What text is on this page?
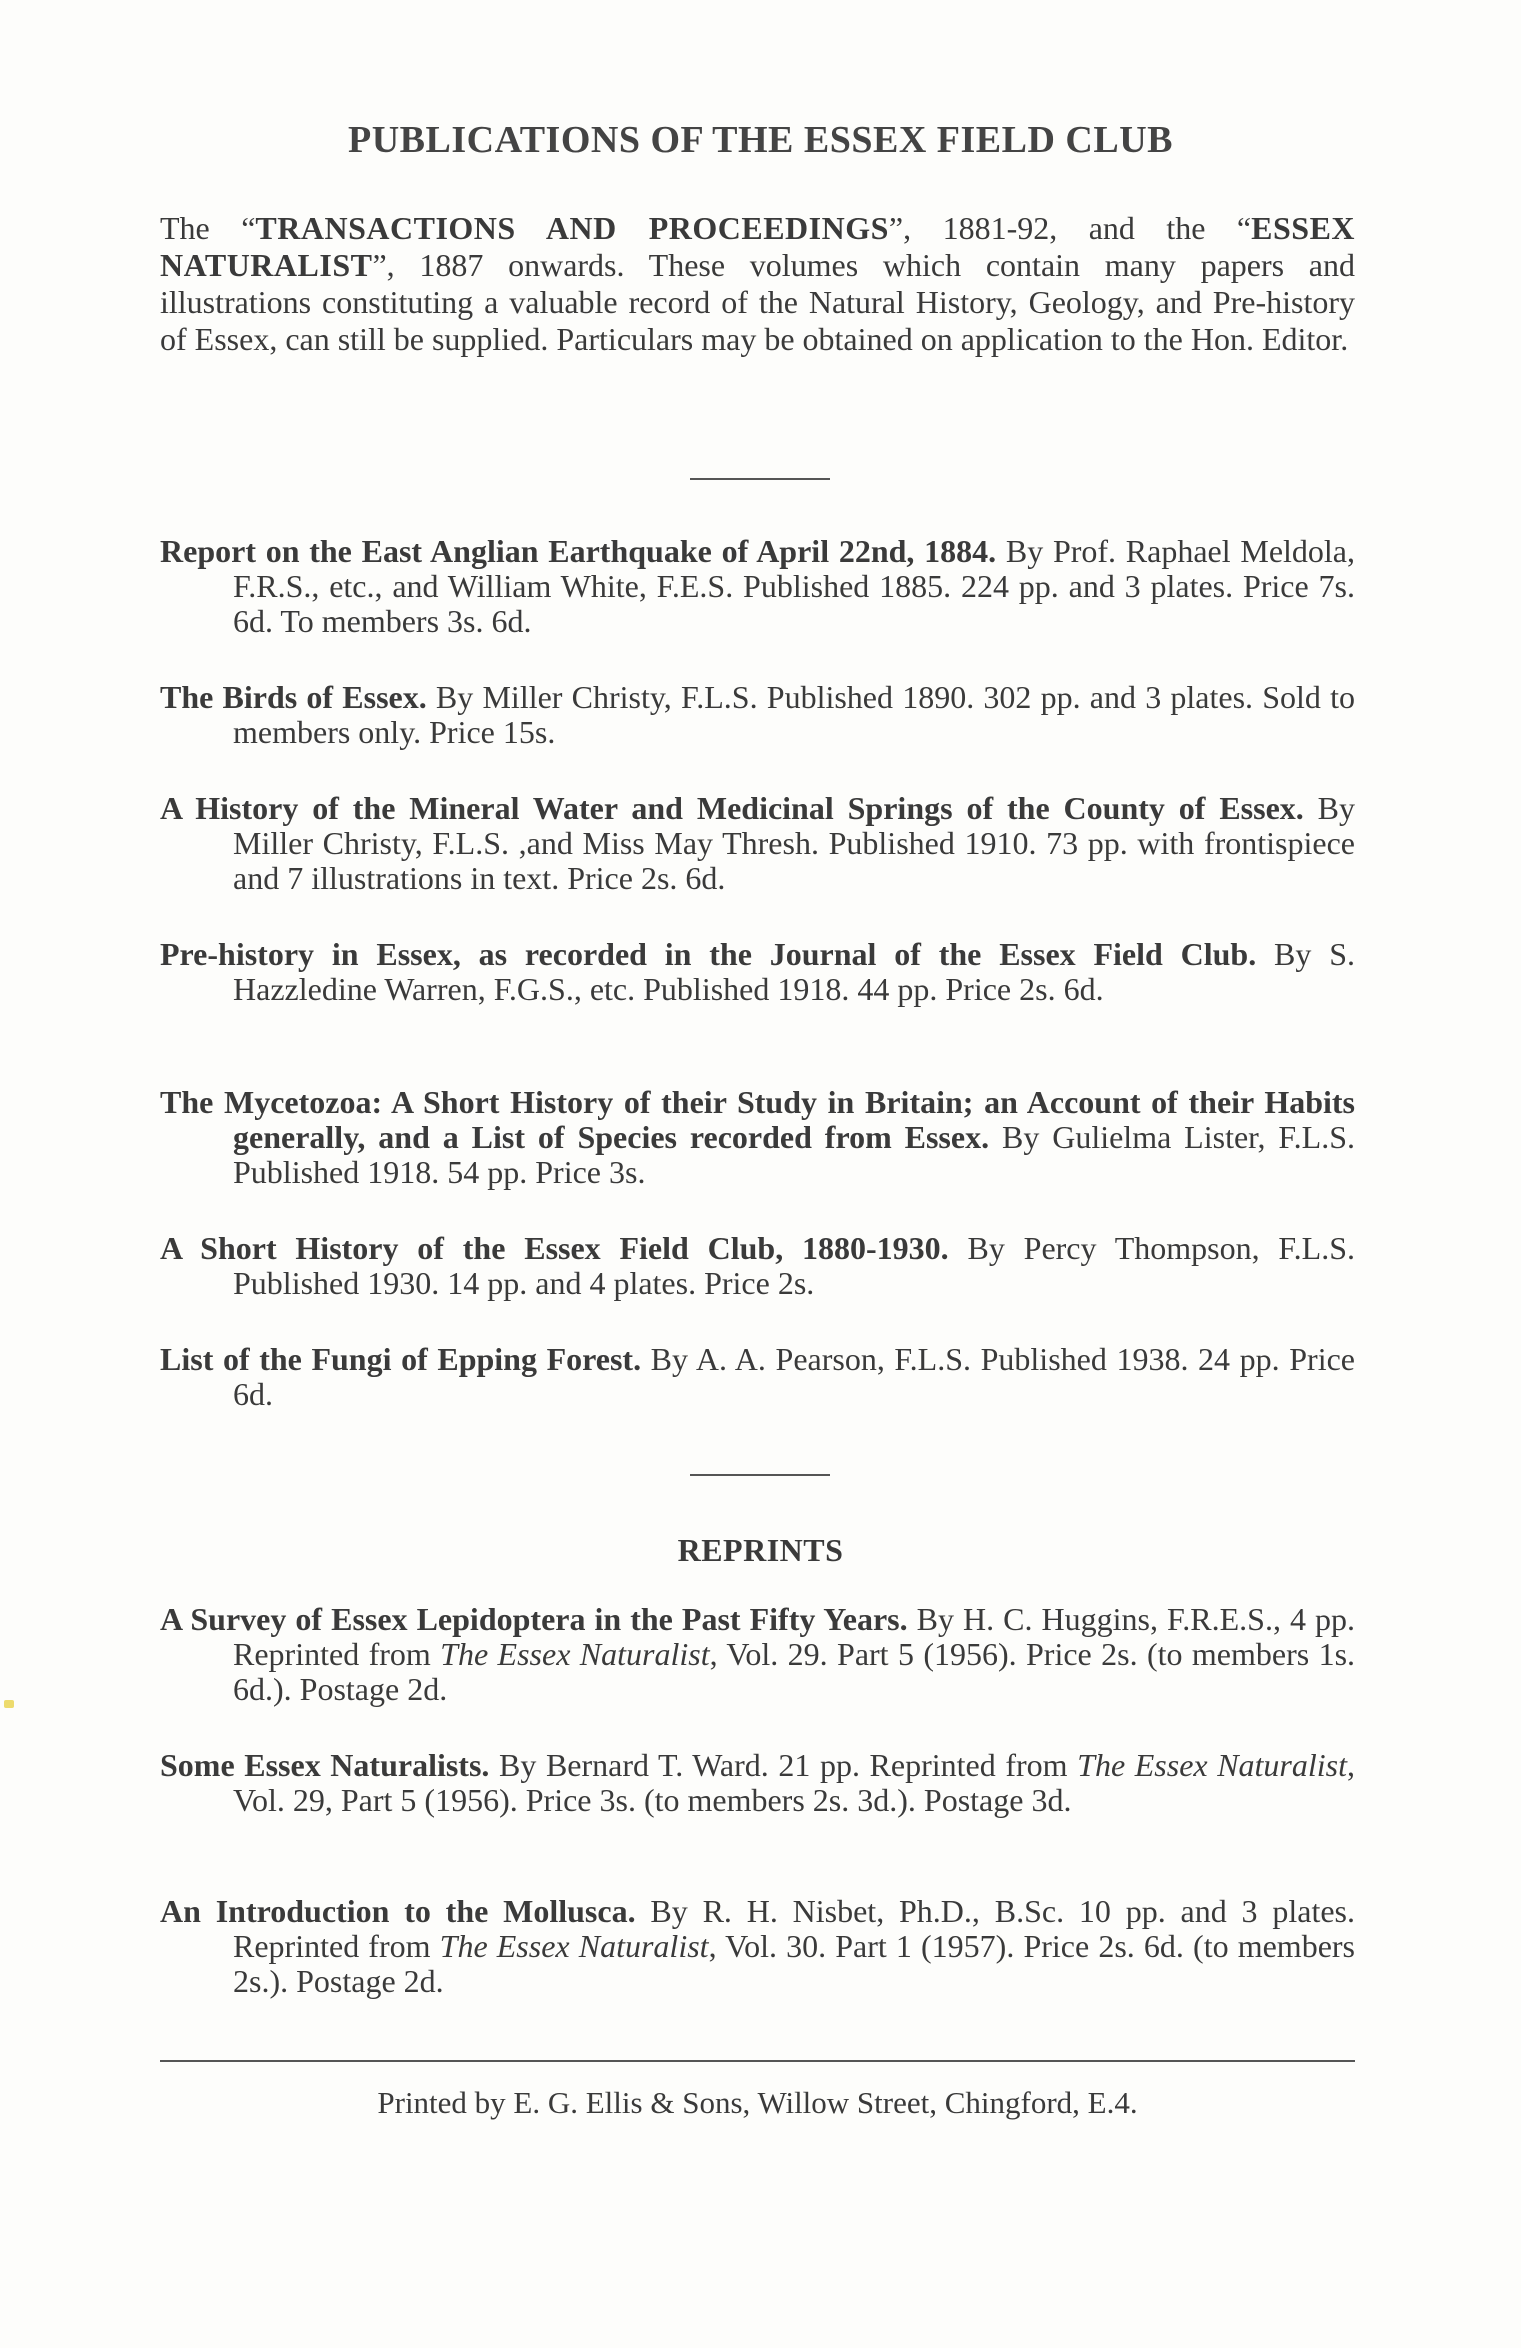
PUBLICATIONS OF THE ESSEX FIELD CLUB
The “TRANSACTIONS AND PROCEEDINGS”, 1881-92, and the “ESSEX NATURALIST”, 1887 onwards. These volumes which contain many papers and illustrations constituting a valuable record of the Natural History, Geology, and Pre-history of Essex, can still be supplied. Particulars may be obtained on application to the Hon. Editor.
Report on the East Anglian Earthquake of April 22nd, 1884. By Prof. Raphael Meldola, F.R.S., etc., and William White, F.E.S. Published 1885. 224 pp. and 3 plates. Price 7s. 6d. To members 3s. 6d.
The Birds of Essex. By Miller Christy, F.L.S. Published 1890. 302 pp. and 3 plates. Sold to members only. Price 15s.
A History of the Mineral Water and Medicinal Springs of the County of Essex. By Miller Christy, F.L.S. ,and Miss May Thresh. Published 1910. 73 pp. with frontispiece and 7 illustrations in text. Price 2s. 6d.
Pre-history in Essex, as recorded in the Journal of the Essex Field Club. By S. Hazzledine Warren, F.G.S., etc. Published 1918. 44 pp. Price 2s. 6d.
The Mycetozoa: A Short History of their Study in Britain; an Account of their Habits generally, and a List of Species recorded from Essex. By Gulielma Lister, F.L.S. Published 1918. 54 pp. Price 3s.
A Short History of the Essex Field Club, 1880-1930. By Percy Thompson, F.L.S. Published 1930. 14 pp. and 4 plates. Price 2s.
List of the Fungi of Epping Forest. By A. A. Pearson, F.L.S. Published 1938. 24 pp. Price 6d.
REPRINTS
A Survey of Essex Lepidoptera in the Past Fifty Years. By H. C. Huggins, F.R.E.S., 4 pp. Reprinted from The Essex Naturalist, Vol. 29. Part 5 (1956). Price 2s. (to members 1s. 6d.). Postage 2d.
Some Essex Naturalists. By Bernard T. Ward. 21 pp. Reprinted from The Essex Naturalist, Vol. 29, Part 5 (1956). Price 3s. (to members 2s. 3d.). Postage 3d.
An Introduction to the Mollusca. By R. H. Nisbet, Ph.D., B.Sc. 10 pp. and 3 plates. Reprinted from The Essex Naturalist, Vol. 30. Part 1 (1957). Price 2s. 6d. (to members 2s.). Postage 2d.
Printed by E. G. Ellis & Sons, Willow Street, Chingford, E.4.
